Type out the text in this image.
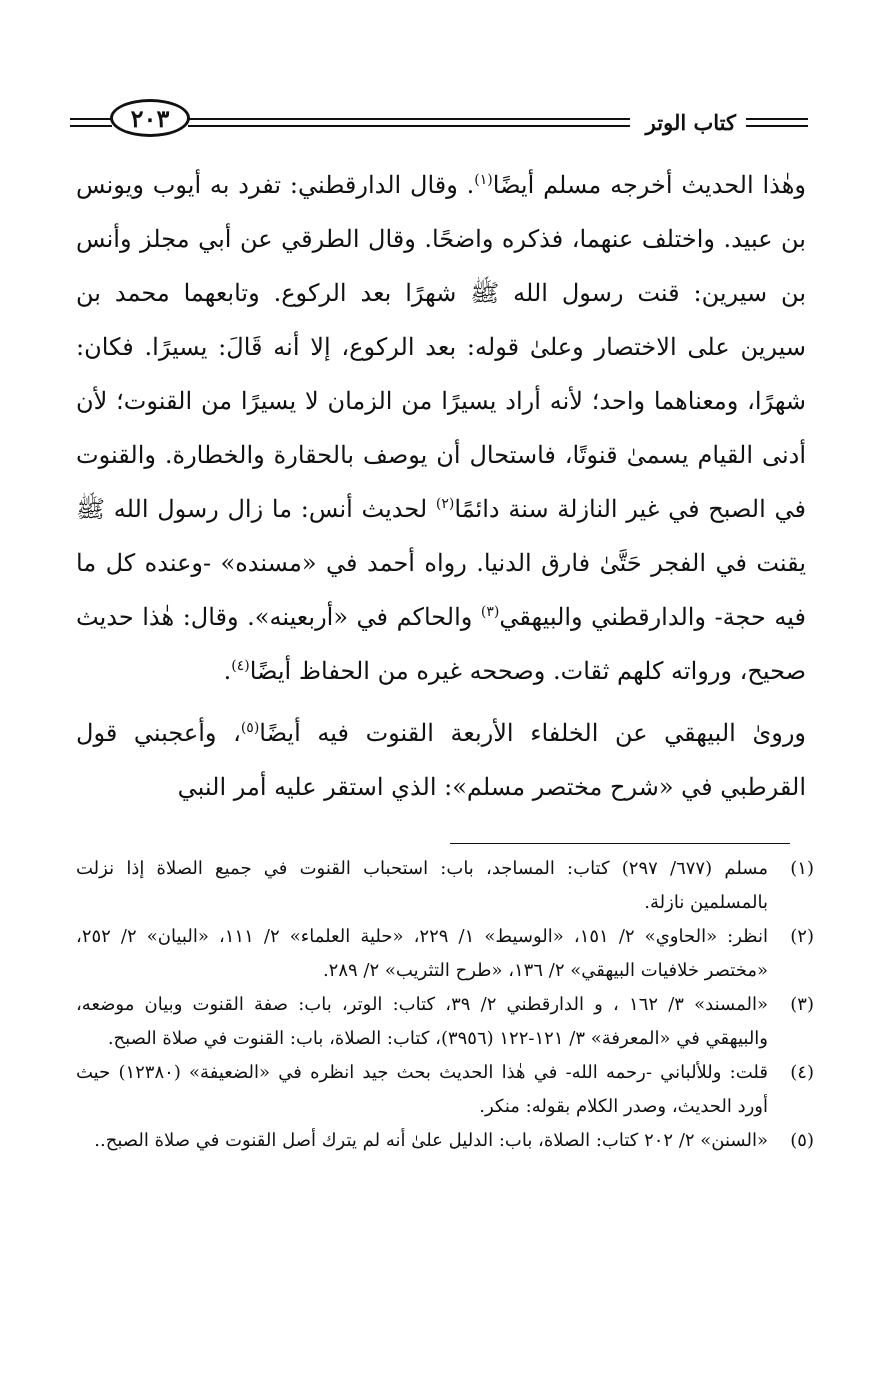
كتاب الوتر
٢٠٣

وهٰذا الحديث أخرجه مسلم أيضًا$^{(١)}$. وقال الدارقطني: تفرد به أيوب ويونس بن عبيد. واختلف عنهما، فذكره واضحًا. وقال الطرقي عن أبي مجلز وأنس بن سيرين: قنت رسول الله ﷺ شهرًا بعد الركوع. وتابعهما محمد بن سيرين على الاختصار وعلىٰ قوله: بعد الركوع، إلا أنه قَالَ: يسيرًا. فكان: شهرًا، ومعناهما واحد؛ لأنه أراد يسيرًا من الزمان لا يسيرًا من القنوت؛ لأن أدنى القيام يسمىٰ قنوتًا، فاستحال أن يوصف بالحقارة والخطارة. والقنوت في الصبح في غير النازلة سنة دائمًا$^{(٢)}$ لحديث أنس: ما زال رسول الله ﷺ يقنت في الفجر حَتَّىٰ فارق الدنيا. رواه أحمد في «مسنده» -وعنده كل ما فيه حجة- والدارقطني والبيهقي$^{(٣)}$ والحاكم في «أربعينه». وقال: هٰذا حديث صحيح، ورواته كلهم ثقات. وصححه غيره من الحفاظ أيضًا$^{(٤)}$.

وروىٰ البيهقي عن الخلفاء الأربعة القنوت فيه أيضًا$^{(٥)}$، وأعجبني قول القرطبي في «شرح مختصر مسلم»: الذي استقر عليه أمر النبي

(١)
مسلم (٦٧٧/ ٢٩٧) كتاب: المساجد، باب: استحباب القنوت في جميع الصلاة إذا نزلت بالمسلمين نازلة.
(٢)
انظر: «الحاوي» ٢/ ١٥١، «الوسيط» ١/ ٢٢٩، «حلية العلماء» ٢/ ١١١، «البيان» ٢/ ٢٥٢، «مختصر خلافيات البيهقي» ٢/ ١٣٦، «طرح التثريب» ٢/ ٢٨٩.
(٣)
«المسند» ٣/ ١٦٢ ، و الدارقطني ٢/ ٣٩، كتاب: الوتر، باب: صفة القنوت وبيان موضعه، والبيهقي في «المعرفة» ٣/ ١٢١-١٢٢ (٣٩٥٦)، كتاب: الصلاة، باب: القنوت في صلاة الصبح.
(٤)
قلت: وللألباني -رحمه الله- في هٰذا الحديث بحث جيد انظره في «الضعيفة» (١٢٣٨٠) حيث أورد الحديث، وصدر الكلام بقوله: منكر.
(٥)
«السنن» ٢/ ٢٠٢ كتاب: الصلاة، باب: الدليل علىٰ أنه لم يترك أصل القنوت في صلاة الصبح..
